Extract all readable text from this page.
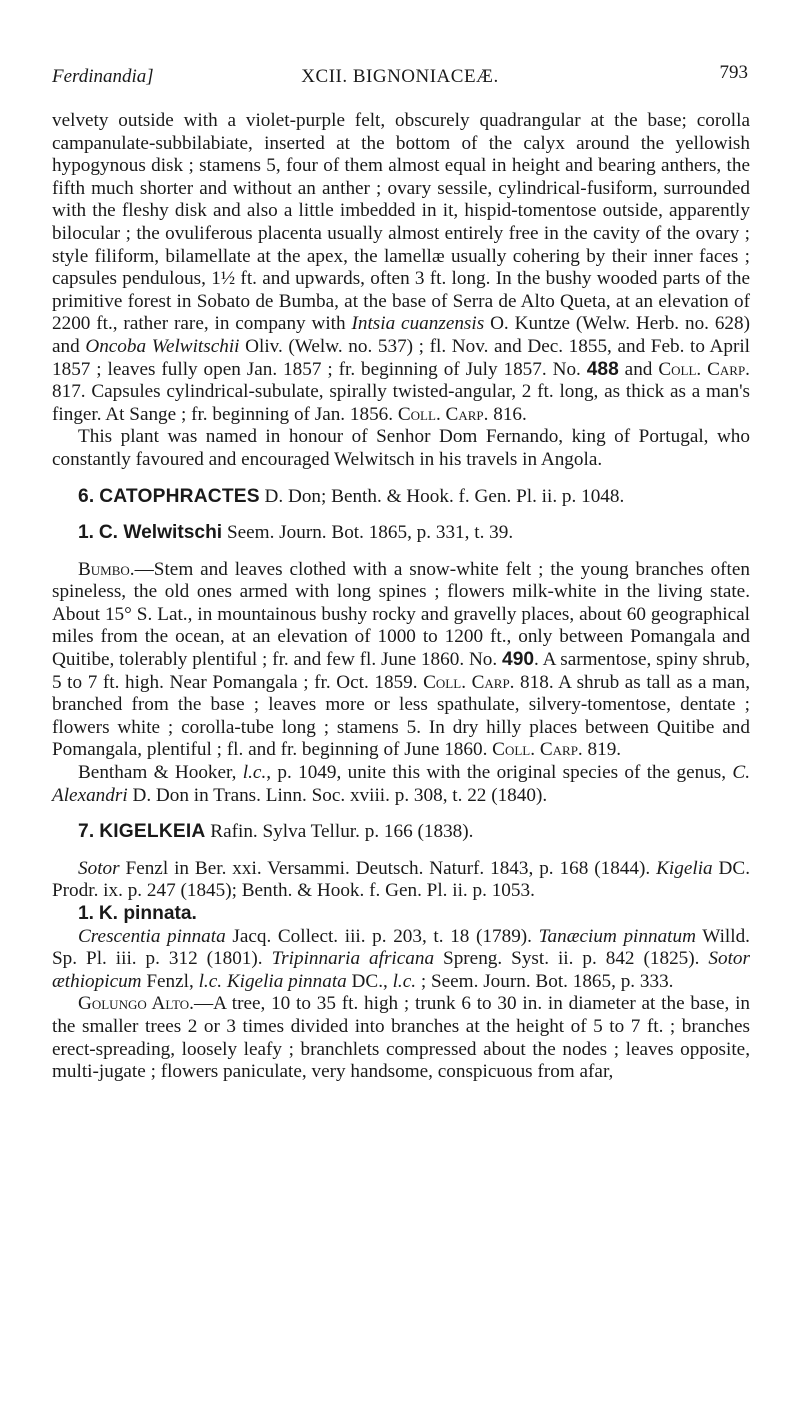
Ferdinandia]	XCII. BIGNONIACEÆ.	793

velvety outside with a violet-purple felt, obscurely quadrangular at the base; corolla campanulate-subbilabiate, inserted at the bottom of the calyx around the yellowish hypogynous disk ; stamens 5, four of them almost equal in height and bearing anthers, the fifth much shorter and without an anther ; ovary sessile, cylindrical-fusiform, surrounded with the fleshy disk and also a little imbedded in it, hispid-tomentose outside, apparently bilocular ; the ovuliferous placenta usually almost entirely free in the cavity of the ovary ; style filiform, bilamellate at the apex, the lamellæ usually cohering by their inner faces ; capsules pendulous, 1½ ft. and upwards, often 3 ft. long. In the bushy wooded parts of the primitive forest in Sobato de Bumba, at the base of Serra de Alto Queta, at an elevation of 2200 ft., rather rare, in company with Intsia cuanzensis O. Kuntze (Welw. Herb. no. 628) and Oncoba Welwitschii Oliv. (Welw. no. 537) ; fl. Nov. and Dec. 1855, and Feb. to April 1857 ; leaves fully open Jan. 1857 ; fr. beginning of July 1857. No. 488 and Coll. Carp. 817. Capsules cylindrical-subulate, spirally twisted-angular, 2 ft. long, as thick as a man's finger. At Sange ; fr. beginning of Jan. 1856. Coll. Carp. 816.

This plant was named in honour of Senhor Dom Fernando, king of Portugal, who constantly favoured and encouraged Welwitsch in his travels in Angola.

6. CATOPHRACTES D. Don; Benth. & Hook. f. Gen. Pl. ii. p. 1048.

1. C. Welwitschi Seem. Journ. Bot. 1865, p. 331, t. 39.

Bumbo.—Stem and leaves clothed with a snow-white felt ; the young branches often spineless, the old ones armed with long spines ; flowers milk-white in the living state. About 15° S. Lat., in mountainous bushy rocky and gravelly places, about 60 geographical miles from the ocean, at an elevation of 1000 to 1200 ft., only between Pomangala and Quitibe, tolerably plentiful ; fr. and few fl. June 1860. No. 490. A sarmentose, spiny shrub, 5 to 7 ft. high. Near Pomangala ; fr. Oct. 1859. Coll. Carp. 818. A shrub as tall as a man, branched from the base ; leaves more or less spathulate, silvery-tomentose, dentate ; flowers white ; corolla-tube long ; stamens 5. In dry hilly places between Quitibe and Pomangala, plentiful ; fl. and fr. beginning of June 1860. Coll. Carp. 819.

Bentham & Hooker, l.c., p. 1049, unite this with the original species of the genus, C. Alexandri D. Don in Trans. Linn. Soc. xviii. p. 308, t. 22 (1840).

7. KIGELKEIA Rafin. Sylva Tellur. p. 166 (1838).

Sotor Fenzl in Ber. xxi. Versammi. Deutsch. Naturf. 1843, p. 168 (1844). Kigelia DC. Prodr. ix. p. 247 (1845); Benth. & Hook. f. Gen. Pl. ii. p. 1053.

1. K. pinnata.

Crescentia pinnata Jacq. Collect. iii. p. 203, t. 18 (1789). Tanæcium pinnatum Willd. Sp. Pl. iii. p. 312 (1801). Tripinnaria africana Spreng. Syst. ii. p. 842 (1825). Sotor æthiopicum Fenzl, l.c. Kigelia pinnata DC., l.c. ; Seem. Journ. Bot. 1865, p. 333.

Golungo Alto.—A tree, 10 to 35 ft. high ; trunk 6 to 30 in. in diameter at the base, in the smaller trees 2 or 3 times divided into branches at the height of 5 to 7 ft. ; branches erect-spreading, loosely leafy ; branchlets compressed about the nodes ; leaves opposite, multi-jugate ; flowers paniculate, very handsome, conspicuous from afar,
